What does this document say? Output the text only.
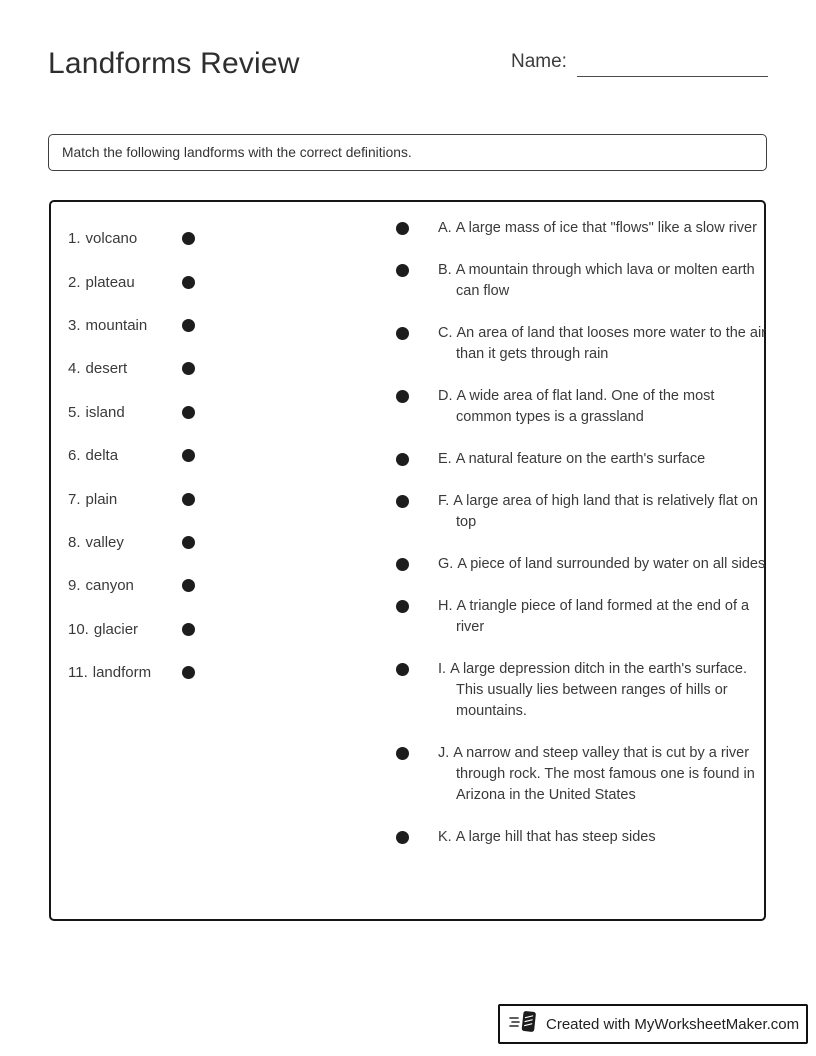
Landforms Review	Name:
Match the following landforms with the correct definitions.
1. volcano
2. plateau
3. mountain
4. desert
5. island
6. delta
7. plain
8. valley
9. canyon
10. glacier
11. landform
A. A large mass of ice that "flows" like a slow river
B. A mountain through which lava or molten earth can flow
C. An area of land that looses more water to the air than it gets through rain
D. A wide area of flat land. One of the most common types is a grassland
E. A natural feature on the earth's surface
F. A large area of high land that is relatively flat on top
G. A piece of land surrounded by water on all sides
H. A triangle piece of land formed at the end of a river
I. A large depression ditch in the earth's surface. This usually lies between ranges of hills or mountains.
J. A narrow and steep valley that is cut by a river through rock. The most famous one is found in Arizona in the United States
K. A large hill that has steep sides
Created with MyWorksheetMaker.com
